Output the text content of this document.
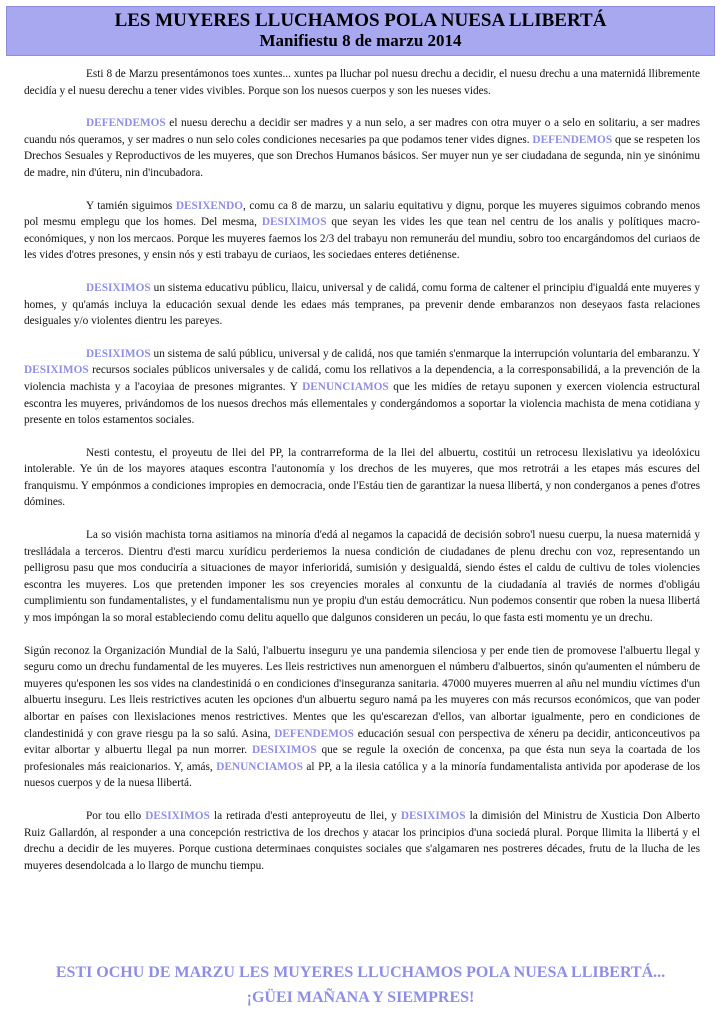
LES MUYERES LLUCHAMOS POLA NUESA LLIBERTÁ
Manifiestu 8 de marzu 2014

Esti 8 de Marzu presentámonos toes xuntes... xuntes pa lluchar pol nuesu drechu a decidir, el nuesu drechu a una maternidá llibremente decidía y el nuesu derechu a tener vides vivibles. Porque son los nuesos cuerpos y son les nueses vides.

DEFENDEMOS el nuesu derechu a decidir ser madres y a nun selo, a ser madres con otra muyer o a selo en solitariu, a ser madres cuandu nós queramos, y ser madres o nun selo coles condiciones necesaries pa que podamos tener vides dignes. DEFENDEMOS que se respeten los Drechos Sesuales y Reproductivos de les muyeres, que son Drechos Humanos básicos. Ser muyer nun ye ser ciudadana de segunda, nin ye sinónimu de madre, nin d'úteru, nin d'incubadora.

Y tamién siguimos DESIXENDO, comu ca 8 de marzu, un salariu equitativu y dignu, porque les muyeres siguimos cobrando menos pol mesmu emplegu que los homes. Del mesma, DESIXIMOS que seyan les vides les que tean nel centru de los analis y polítiques macro-económiques, y non los mercaos. Porque les muyeres faemos los 2/3 del trabayu non remuneráu del mundiu, sobro too encargándomos del curiaos de les vides d'otres presones, y ensin nós y esti trabayu de curiaos, les sociedaes enteres detiénense.

DESIXIMOS un sistema educativu públicu, llaicu, universal y de calidá, comu forma de caltener el principiu d'igualdá ente muyeres y homes, y qu'amás incluya la educación sexual dende les edaes más tempranes, pa prevenir dende embaranzos non deseyaos fasta relaciones desiguales y/o violentes dientru les pareyes.

DESIXIMOS un sistema de salú públicu, universal y de calidá, nos que tamién s'enmarque la interrupción voluntaria del embaranzu. Y DESIXIMOS recursos sociales públicos universales y de calidá, comu los rellativos a la dependencia, a la corresponsabilidá, a la prevención de la violencia machista y a l'acoyiaa de presones migrantes. Y DENUNCIAMOS que les midíes de retayu suponen y exercen violencia estructural escontra les muyeres, privándomos de los nuesos drechos más ellementales y condergándomos a soportar la violencia machista de mena cotidiana y presente en tolos estamentos sociales.

Nesti contestu, el proyeutu de llei del PP, la contrarreforma de la llei del albuertu, costitúi un retrocesu llexislativu ya ideolóxicu intolerable. Ye ún de los mayores ataques escontra l'autonomía y los drechos de les muyeres, que mos retrotrái a les etapes más escures del franquismu. Y empónmos a condiciones impropies en democracia, onde l'Estáu tien de garantizar la nuesa llibertá, y non conderganos a penes d'otres dómines.

La so visión machista torna asitiamos na minoría d'edá al negamos la capacidá de decisión sobro'l nuesu cuerpu, la nuesa maternidá y treslládala a terceros. Dientru d'esti marcu xurídicu perderiemos la nuesa condición de ciudadanes de plenu drechu con voz, representando un pelligrosu pasu que mos conduciría a situaciones de mayor inferioridá, sumisión y desigualdá, siendo éstes el caldu de cultivu de toles violencies escontra les muyeres. Los que pretenden imponer les sos creyencies morales al conxuntu de la ciudadanía al traviés de normes d'obligáu cumplimientu son fundamentalistes, y el fundamentalismu nun ye propiu d'un estáu democráticu. Nun podemos consentir que roben la nuesa llibertá y mos impóngan la so moral estableciendo comu delitu aquello que dalgunos consideren un pecáu, lo que fasta esti momentu ye un drechu.

Sigún reconoz la Organización Mundial de la Salú, l'albuertu inseguru ye una pandemia silenciosa y per ende tien de promovese l'albuertu llegal y seguru como un drechu fundamental de les muyeres. Les lleis restrictives nun amenorguen el númberu d'albuertos, sinón qu'aumenten el númberu de muyeres qu'esponen les sos vides na clandestinidá o en condiciones d'inseguranza sanitaria. 47000 muyeres muerren al añu nel mundiu víctimes d'un albuertu inseguru. Les lleis restrictives acuten les opciones d'un albuertu seguro namá pa les muyeres con más recursos económicos, que van poder albortar en países con llexislaciones menos restrictives. Mentes que les qu'escarezan d'ellos, van albortar igualmente, pero en condiciones de clandestinidá y con grave riesgu pa la so salú. Asina, DEFENDEMOS educación sesual con perspectiva de xéneru pa decidir, anticonceutivos pa evitar albortar y albuertu llegal pa nun morrer. DESIXIMOS que se regule la oxeción de concenxa, pa que ésta nun seya la coartada de los profesionales más reaicionarios. Y, amás, DENUNCIAMOS al PP, a la ilesia católica y a la minoría fundamentalista antivida por apoderase de los nuesos cuerpos y de la nuesa llibertá.

Por tou ello DESIXIMOS la retirada d'esti anteproyeutu de llei, y DESIXIMOS la dimisión del Ministru de Xusticia Don Alberto Ruiz Gallardón, al responder a una concepción restrictiva de los drechos y atacar los principios d'una sociedá plural. Porque llimita la llibertá y el drechu a decidir de les muyeres. Porque custiona determinaes conquistes sociales que s'algamaren nes postreres décades, frutu de la llucha de les muyeres desendolcada a lo llargo de munchu tiempu.

ESTI OCHU DE MARZU LES MUYERES LLUCHAMOS POLA NUESA LLIBERTÁ...
¡GÜEI MAÑANA Y SIEMPRES!
